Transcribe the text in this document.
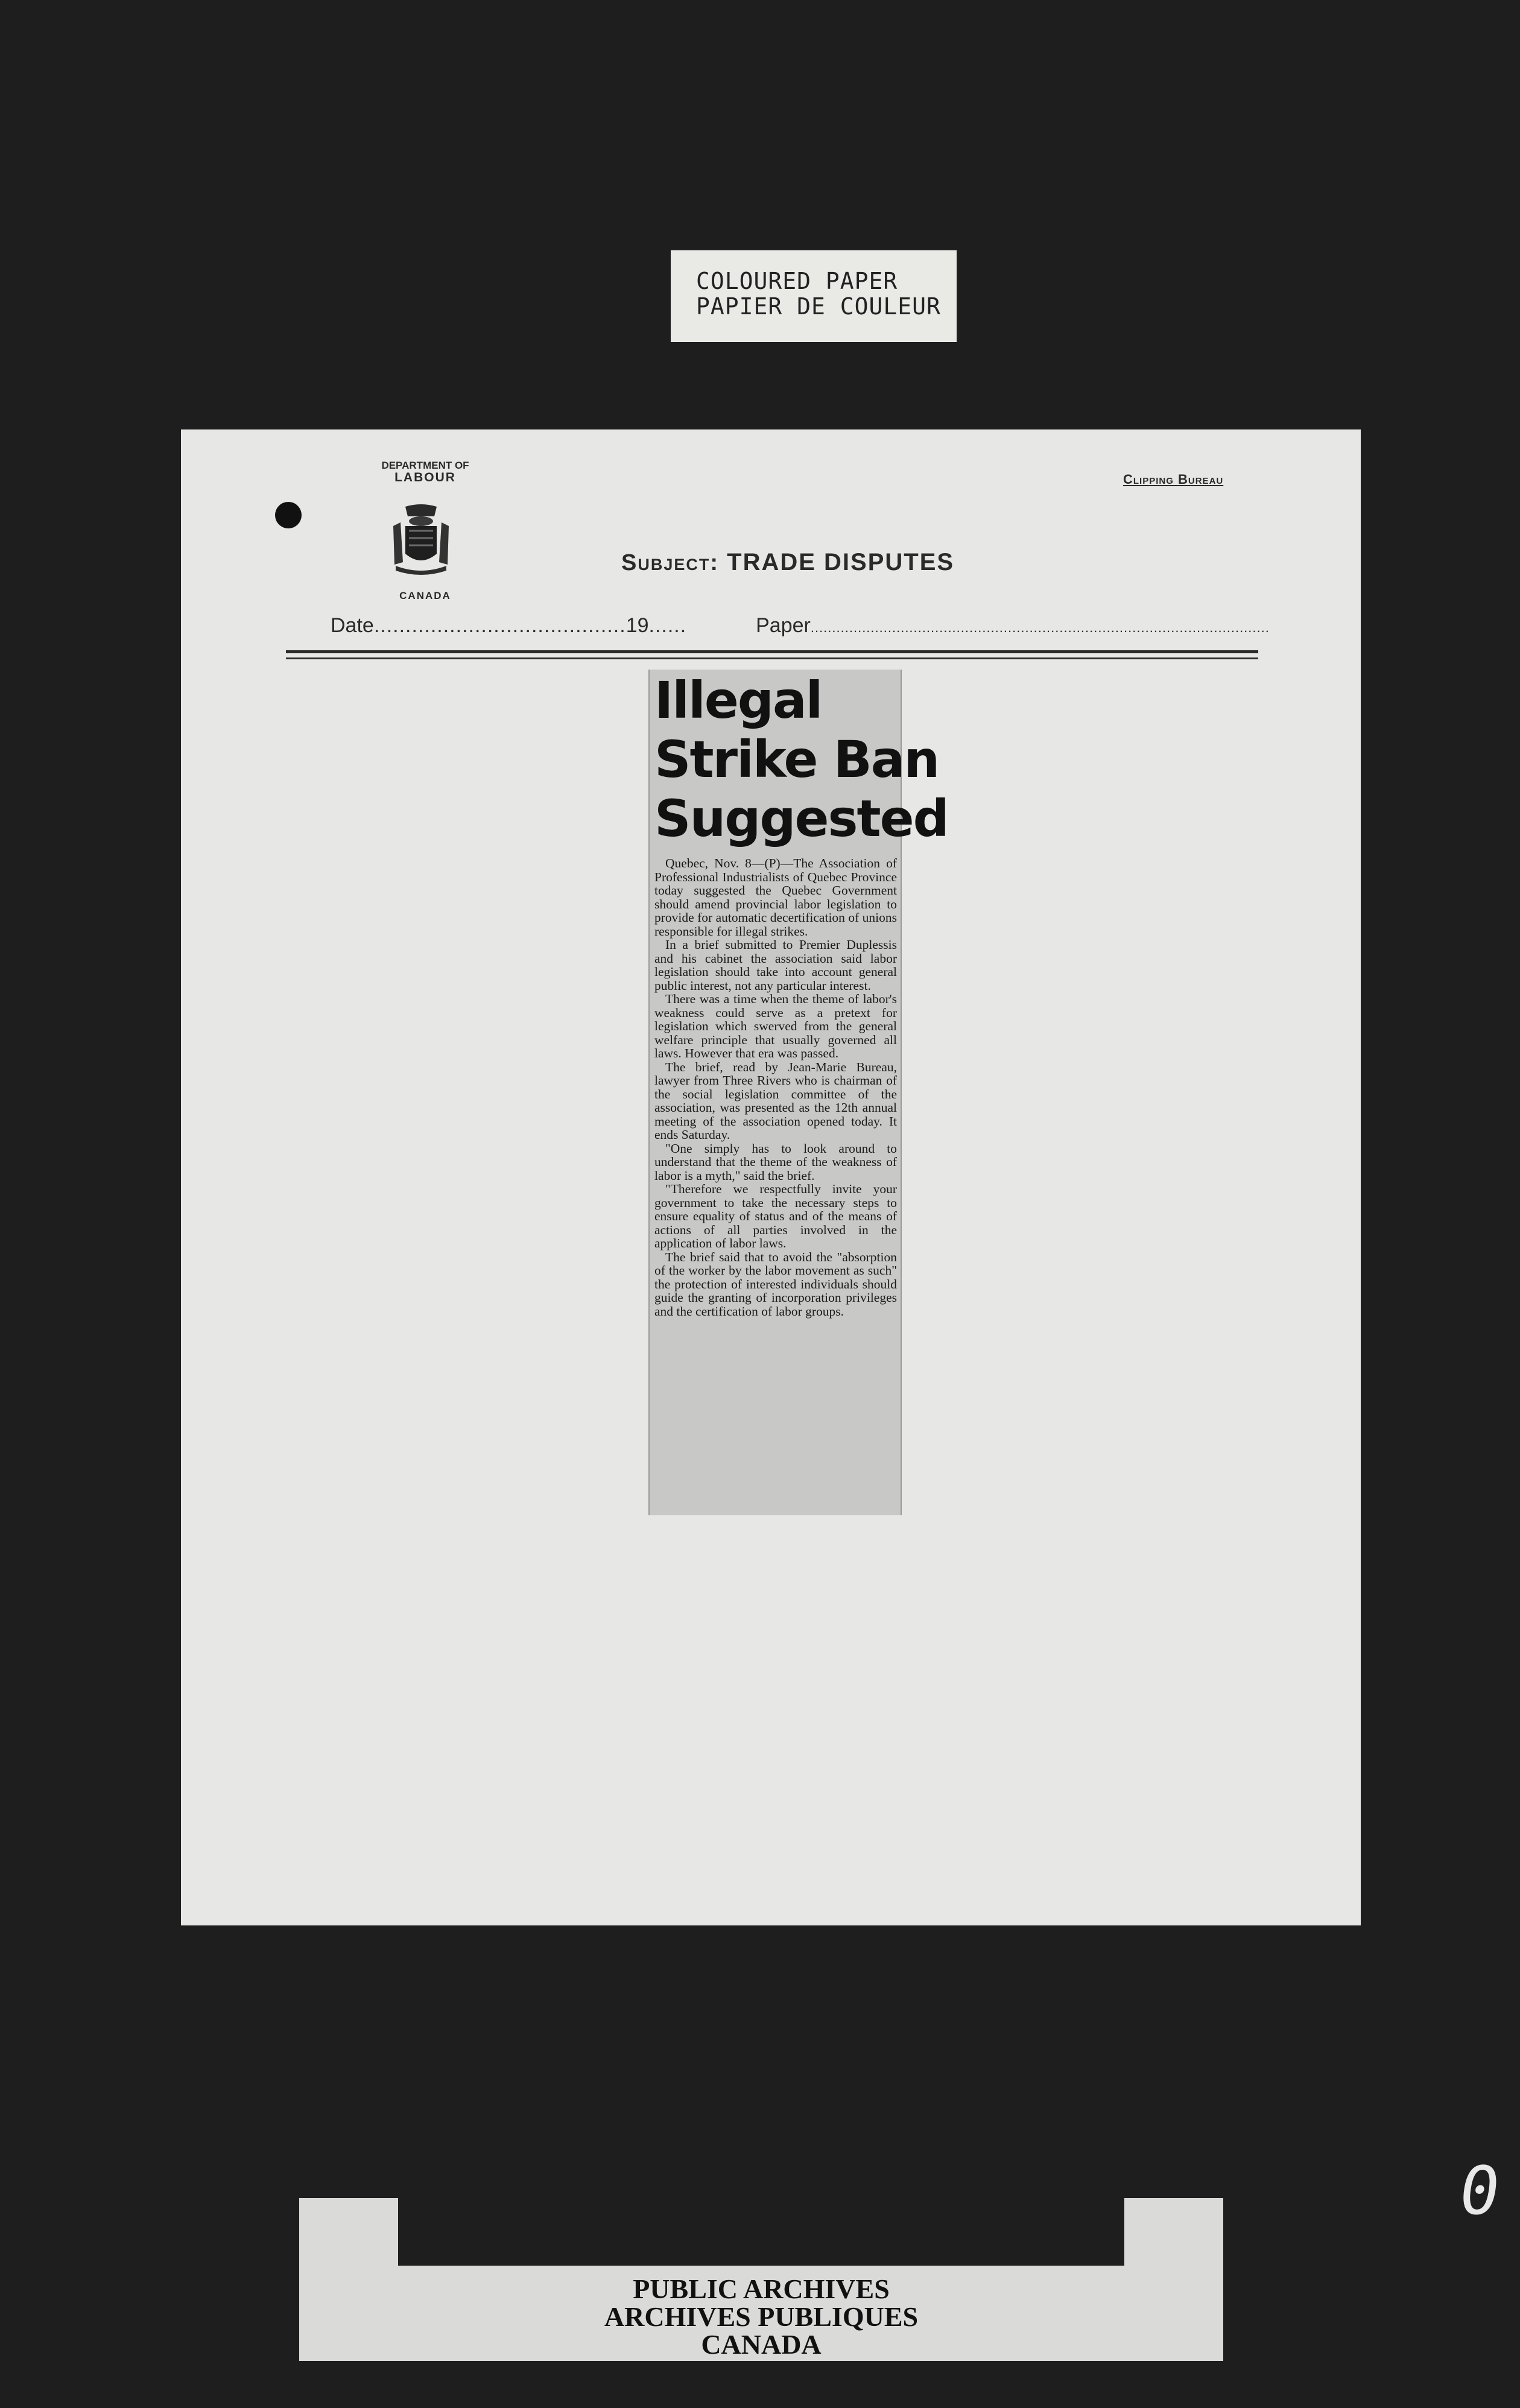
COLOURED PAPER
PAPIER DE COULEUR
DEPARTMENT OF
LABOUR
CANADA
Clipping Bureau
Subject: TRADE DISPUTES
Date........................................19......	Paper...........................................................................................................
Illegal
Strike Ban
Suggested

Quebec, Nov. 8—(P)—The Association of Professional Industrialists of Quebec Province today suggested the Quebec Government should amend provincial labor legislation to provide for automatic decertification of unions responsible for illegal strikes.

In a brief submitted to Premier Duplessis and his cabinet the association said labor legislation should take into account general public interest, not any particular interest.

There was a time when the theme of labor's weakness could serve as a pretext for legislation which swerved from the general welfare principle that usually governed all laws. However that era was passed.

The brief, read by Jean-Marie Bureau, lawyer from Three Rivers who is chairman of the social legislation committee of the association, was presented as the 12th annual meeting of the association opened today. It ends Saturday.

"One simply has to look around to understand that the theme of the weakness of labor is a myth," said the brief.

"Therefore we respectfully invite your government to take the necessary steps to ensure equality of status and of the means of actions of all parties involved in the application of labor laws.

The brief said that to avoid the "absorption of the worker by the labor movement as such" the protection of interested individuals should guide the granting of incorporation privileges and the certification of labor groups.

PUBLIC ARCHIVES
ARCHIVES PUBLIQUES
CANADA
0
